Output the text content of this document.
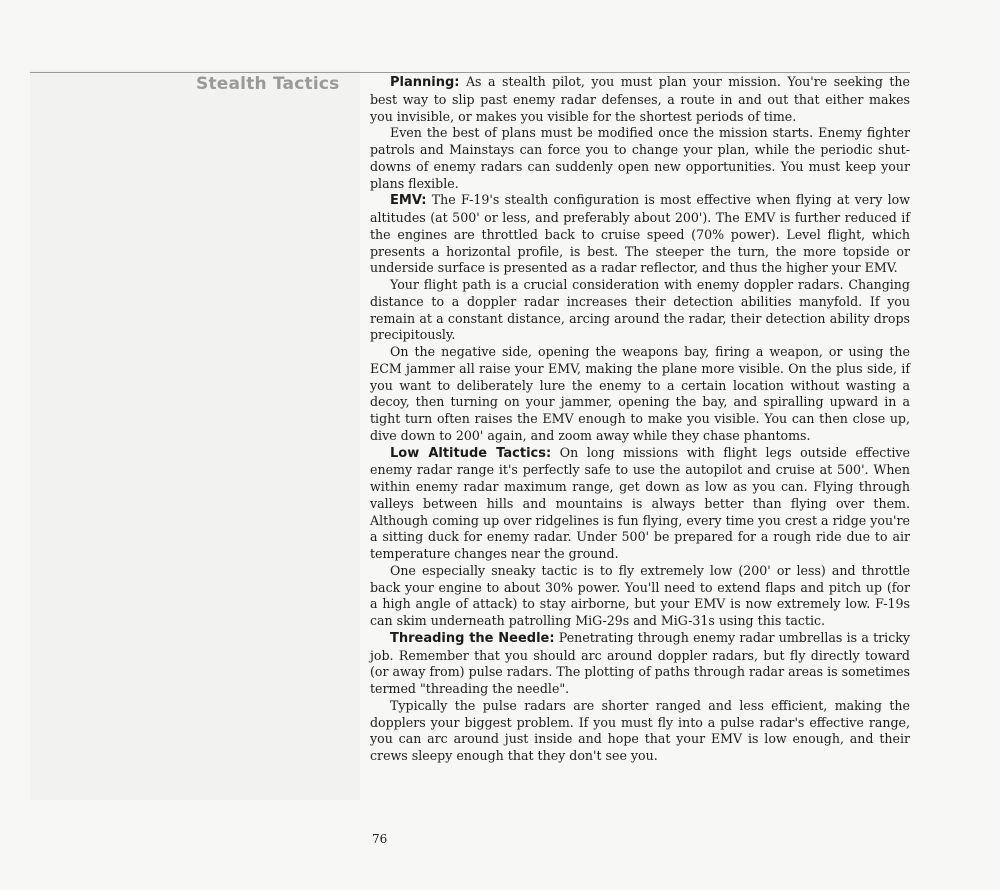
Stealth Tactics	Planning: As a stealth pilot, you must plan your mission. You're seeking the best way to slip past enemy radar defenses, a route in and out that either makes you invisible, or makes you visible for the shortest periods of time.

Even the best of plans must be modified once the mission starts. Enemy fighter patrols and Mainstays can force you to change your plan, while the periodic shut-downs of enemy radars can suddenly open new opportunities. You must keep your plans flexible.

EMV: The F-19's stealth configuration is most effective when flying at very low altitudes (at 500' or less, and preferably about 200'). The EMV is further reduced if the engines are throttled back to cruise speed (70% power). Level flight, which presents a horizontal profile, is best. The steeper the turn, the more topside or underside surface is presented as a radar reflector, and thus the higher your EMV.

Your flight path is a crucial consideration with enemy doppler radars. Changing distance to a doppler radar increases their detection abilities manyfold. If you remain at a constant distance, arcing around the radar, their detection ability drops precipitously.

On the negative side, opening the weapons bay, firing a weapon, or using the ECM jammer all raise your EMV, making the plane more visible. On the plus side, if you want to deliberately lure the enemy to a certain location without wasting a decoy, then turning on your jammer, opening the bay, and spiralling upward in a tight turn often raises the EMV enough to make you visible. You can then close up, dive down to 200' again, and zoom away while they chase phantoms.

Low Altitude Tactics: On long missions with flight legs outside effective enemy radar range it's perfectly safe to use the autopilot and cruise at 500'. When within enemy radar maximum range, get down as low as you can. Flying through valleys between hills and mountains is always better than flying over them. Although coming up over ridgelines is fun flying, every time you crest a ridge you're a sitting duck for enemy radar. Under 500' be prepared for a rough ride due to air temperature changes near the ground.

One especially sneaky tactic is to fly extremely low (200' or less) and throttle back your engine to about 30% power. You'll need to extend flaps and pitch up (for a high angle of attack) to stay airborne, but your EMV is now extremely low. F-19s can skim underneath patrolling MiG-29s and MiG-31s using this tactic.

Threading the Needle: Penetrating through enemy radar umbrellas is a tricky job. Remember that you should arc around doppler radars, but fly directly toward (or away from) pulse radars. The plotting of paths through radar areas is sometimes termed "threading the needle".

Typically the pulse radars are shorter ranged and less efficient, making the dopplers your biggest problem. If you must fly into a pulse radar's effective range, you can arc around just inside and hope that your EMV is low enough, and their crews sleepy enough that they don't see you.

76
